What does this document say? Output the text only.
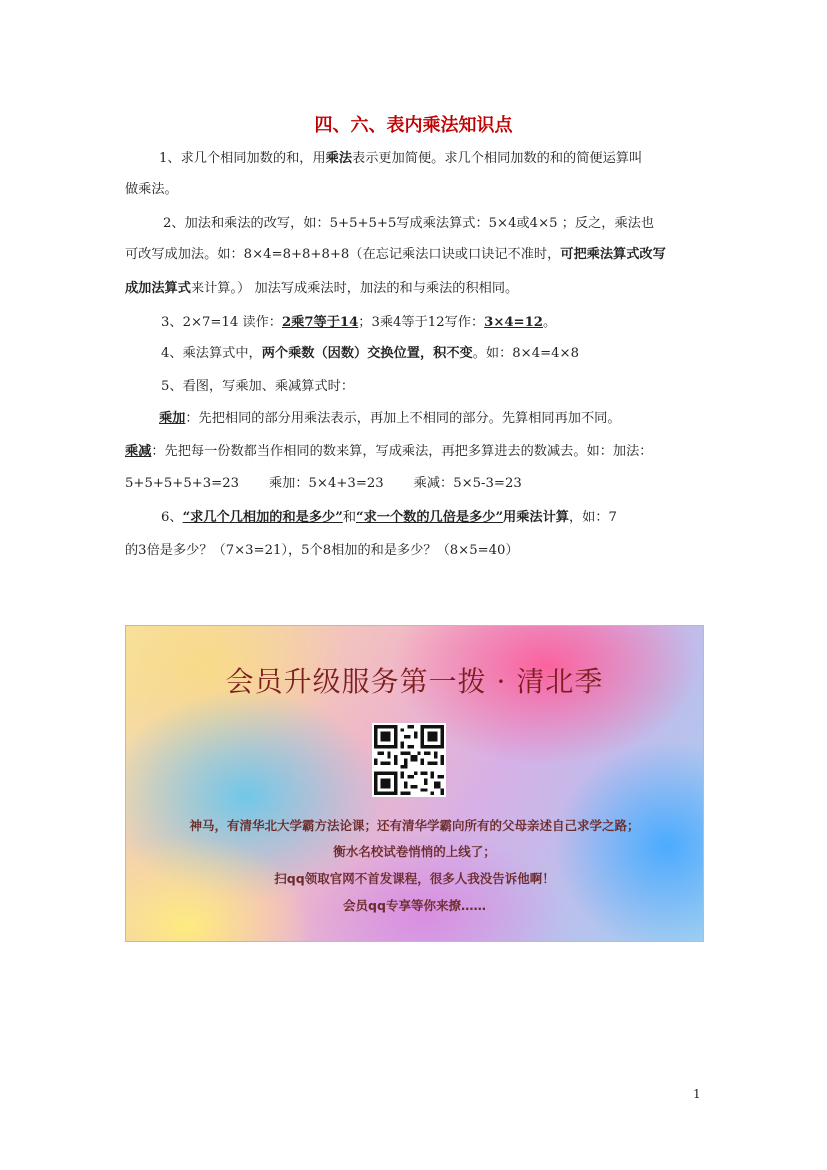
四、六、表内乘法知识点
1、求几个相同加数的和，用乘法表示更加简便。求几个相同加数的和的简便运算叫
做乘法。
2、加法和乘法的改写，如：5+5+5+5写成乘法算式：5×4或4×5 ；反之，乘法也
可改写成加法。如：8×4=8+8+8+8（在忘记乘法口诀或口诀记不准时，可把乘法算式改写
成加法算式来计算。） 加法写成乘法时，加法的和与乘法的积相同。
3、2×7=14 读作：2乘7等于14；3乘4等于12写作：3×4=12。
4、乘法算式中，两个乘数（因数）交换位置，积不变。如：8×4=4×8
5、看图，写乘加、乘减算式时：
乘加：先把相同的部分用乘法表示，再加上不相同的部分。先算相同再加不同。
乘减：先把每一份数都当作相同的数来算，写成乘法，再把多算进去的数减去。如：加法：
5+5+5+5+3=23 乘加：5×4+3=23 乘减：5×5-3=23
6、“求几个几相加的和是多少”和“求一个数的几倍是多少”用乘法计算，如：7
的3倍是多少？（7×3=21），5个8相加的和是多少？（8×5=40）
会员升级服务第一拨 · 清北季
神马，有清华北大学霸方法论课；还有清华学霸向所有的父母亲述自己求学之路；
衡水名校试卷悄悄的上线了；
扫qq领取官网不首发课程，很多人我没告诉他啊！
会员qq专享等你来撩……
1
